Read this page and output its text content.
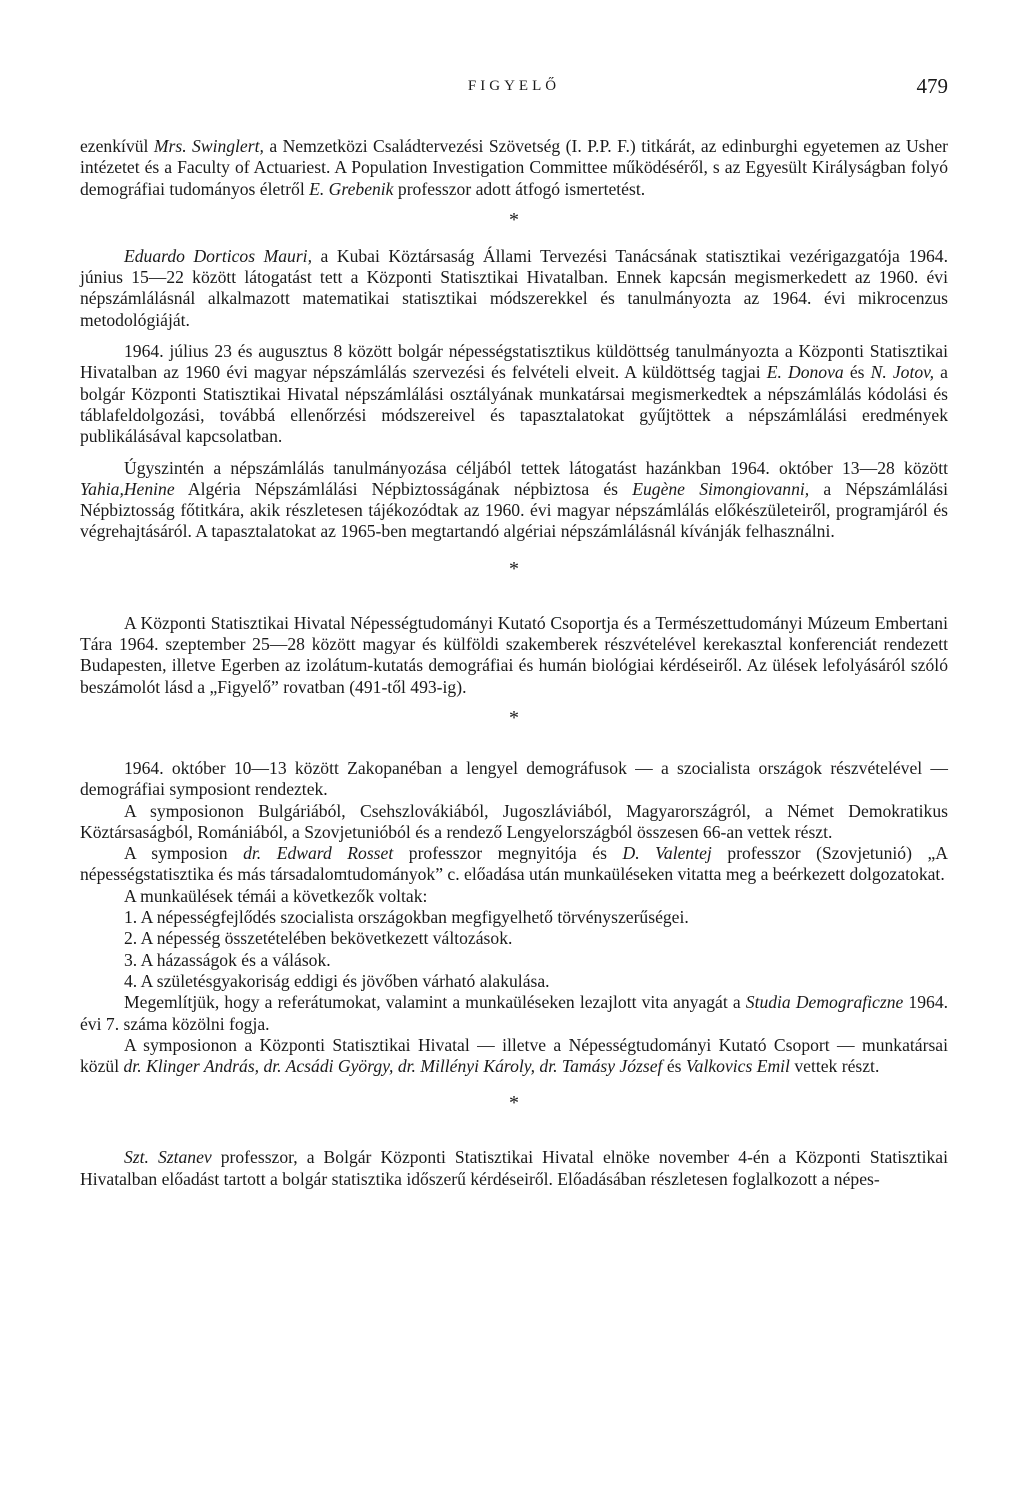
FIGYELŐ	479

ezenkívül Mrs. Swinglert, a Nemzetközi Családtervezési Szövetség (I. P.P. F.) titkárát, az edinburghi egyetemen az Usher intézetet és a Faculty of Actuariest. A Population Investigation Committee működéséről, s az Egyesült Királyságban folyó demográfiai tudományos életről E. Grebenik professzor adott átfogó ismertetést.

*

Eduardo Dorticos Mauri, a Kubai Köztársaság Állami Tervezési Tanácsának statisztikai vezérigazgatója 1964. június 15—22 között látogatást tett a Központi Statisztikai Hivatalban. Ennek kapcsán megismerkedett az 1960. évi népszámlálásnál alkalmazott matematikai statisztikai módszerekkel és tanulmányozta az 1964. évi mikrocenzus metodológiáját.

1964. július 23 és augusztus 8 között bolgár népességstatisztikus küldöttség tanulmányozta a Központi Statisztikai Hivatalban az 1960 évi magyar népszámlálás szervezési és felvételi elveit. A küldöttség tagjai E. Donova és N. Jotov, a bolgár Központi Statisztikai Hivatal népszámlálási osztályának munkatársai megismerkedtek a népszámlálás kódolási és táblafeldolgozási, továbbá ellenőrzési módszereivel és tapasztalatokat gyűjtöttek a népszámlálási eredmények publikálásával kapcsolatban.

Úgyszintén a népszámlálás tanulmányozása céljából tettek látogatást hazánkban 1964. október 13—28 között Yahia,Henine Algéria Népszámlálási Népbiztosságának népbiztosa és Eugène Simongiovanni, a Népszámlálási Népbiztosság főtitkára, akik részletesen tájékozódtak az 1960. évi magyar népszámlálás előkészületeiről, programjáról és végrehajtásáról. A tapasztalatokat az 1965-ben megtartandó algériai népszámlálásnál kívánják felhasználni.

*

A Központi Statisztikai Hivatal Népességtudományi Kutató Csoportja és a Természettudományi Múzeum Embertani Tára 1964. szeptember 25—28 között magyar és külföldi szakemberek részvételével kerekasztal konferenciát rendezett Budapesten, illetve Egerben az izolátum-kutatás demográfiai és humán biológiai kérdéseiről. Az ülések lefolyásáról szóló beszámolót lásd a „Figyelő” rovatban (491-től 493-ig).

*

1964. október 10—13 között Zakopanéban a lengyel demográfusok — a szocialista országok részvételével — demográfiai symposiont rendeztek.

A symposionon Bulgáriából, Csehszlovákiából, Jugoszláviából, Magyarországról, a Német Demokratikus Köztársaságból, Romániából, a Szovjetunióból és a rendező Lengyelországból összesen 66-an vettek részt.

A symposion dr. Edward Rosset professzor megnyitója és D. Valentej professzor (Szovjetunió) „A népességstatisztika és más társadalomtudományok” c. előadása után munkaüléseken vitatta meg a beérkezett dolgozatokat.

A munkaülések témái a következők voltak:

1. A népességfejlődés szocialista országokban megfigyelhető törvényszerűségei.

2. A népesség összetételében bekövetkezett változások.

3. A házasságok és a válások.

4. A születésgyakoriság eddigi és jövőben várható alakulása.

Megemlítjük, hogy a referátumokat, valamint a munkaüléseken lezajlott vita anyagát a Studia Demograficzne 1964. évi 7. száma közölni fogja.

A symposionon a Központi Statisztikai Hivatal — illetve a Népességtudományi Kutató Csoport — munkatársai közül dr. Klinger András, dr. Acsádi György, dr. Millényi Károly, dr. Tamásy József és Valkovics Emil vettek részt.

*

Szt. Sztanev professzor, a Bolgár Központi Statisztikai Hivatal elnöke november 4-én a Központi Statisztikai Hivatalban előadást tartott a bolgár statisztika időszerű kérdéseiről. Előadásában részletesen foglalkozott a népes-
